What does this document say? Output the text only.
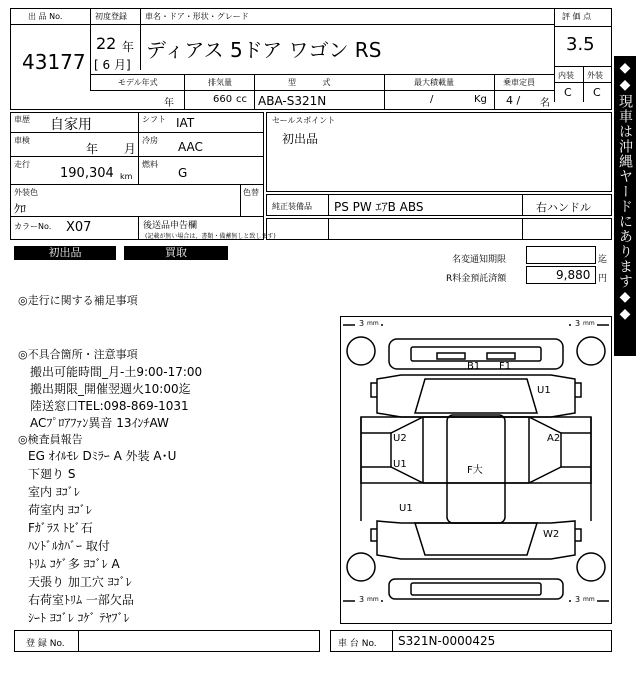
出 品 No.
43177
初度登録
22 年
[ 6 月]
車名・ドア・形状・グレード
ディアス 5ドア ワゴン RS
評 価 点
3.5
内装 外装
C C
モデル年式
年
排気量
660 cc
型 式
ABA-S321N
最大積載量
/	Kg
乗車定員
4 / 名
車歴 自家用	シフト IAT
車検
年 月
冷房 AAC
走行
190,304 km
燃料
G
外装色
ｸﾛ
色替
カラーNo. X07	後送品申告欄
(記載が無い場合は、書類・備蓄無しと致します)
セールスポイント
初出品
純正装備品 PS PW ｴｱB ABS	右ハンドル
初出品	買取
名変通知期限	迄
R料金預託済額	9,880 円
◎走行に関する補足事項
◎不具合箇所・注意事項
搬出可能時間_月-土9:00-17:00
搬出期限_開催翌週火10:00迄
陸送窓口TEL:098-869-1031
ACﾌﾟﾛｱﾌｧﾝ異音 13ｲﾝﾁAW
◎検査員報告
EG ｵｲﾙﾓﾚ Dﾐﾗｰ A 外装 A･U
下廻り S
室内 ﾖｺﾞﾚ
荷室内 ﾖｺﾞﾚ
Fｶﾞﾗｽ ﾄﾋﾞ石
ﾊﾝﾄﾞﾙｶﾊﾞｰ 取付
ﾄﾘﾑ ｺｹﾞ多 ﾖｺﾞﾚ A
天張り 加工穴 ﾖｺﾞﾚ
右荷室ﾄﾘﾑ 一部欠品
ｼｰﾄ ﾖｺﾞﾚ ｺｹﾞ ﾃﾔﾌﾞﾚ
3 mm	3 mm
3 mm	3 mm
B1 F1
U1
U2	A2
U1
F大
U1
W2
◆◆現車は沖縄ヤードにあります◆◆
登 録 No.	車 台 No. S321N-0000425
